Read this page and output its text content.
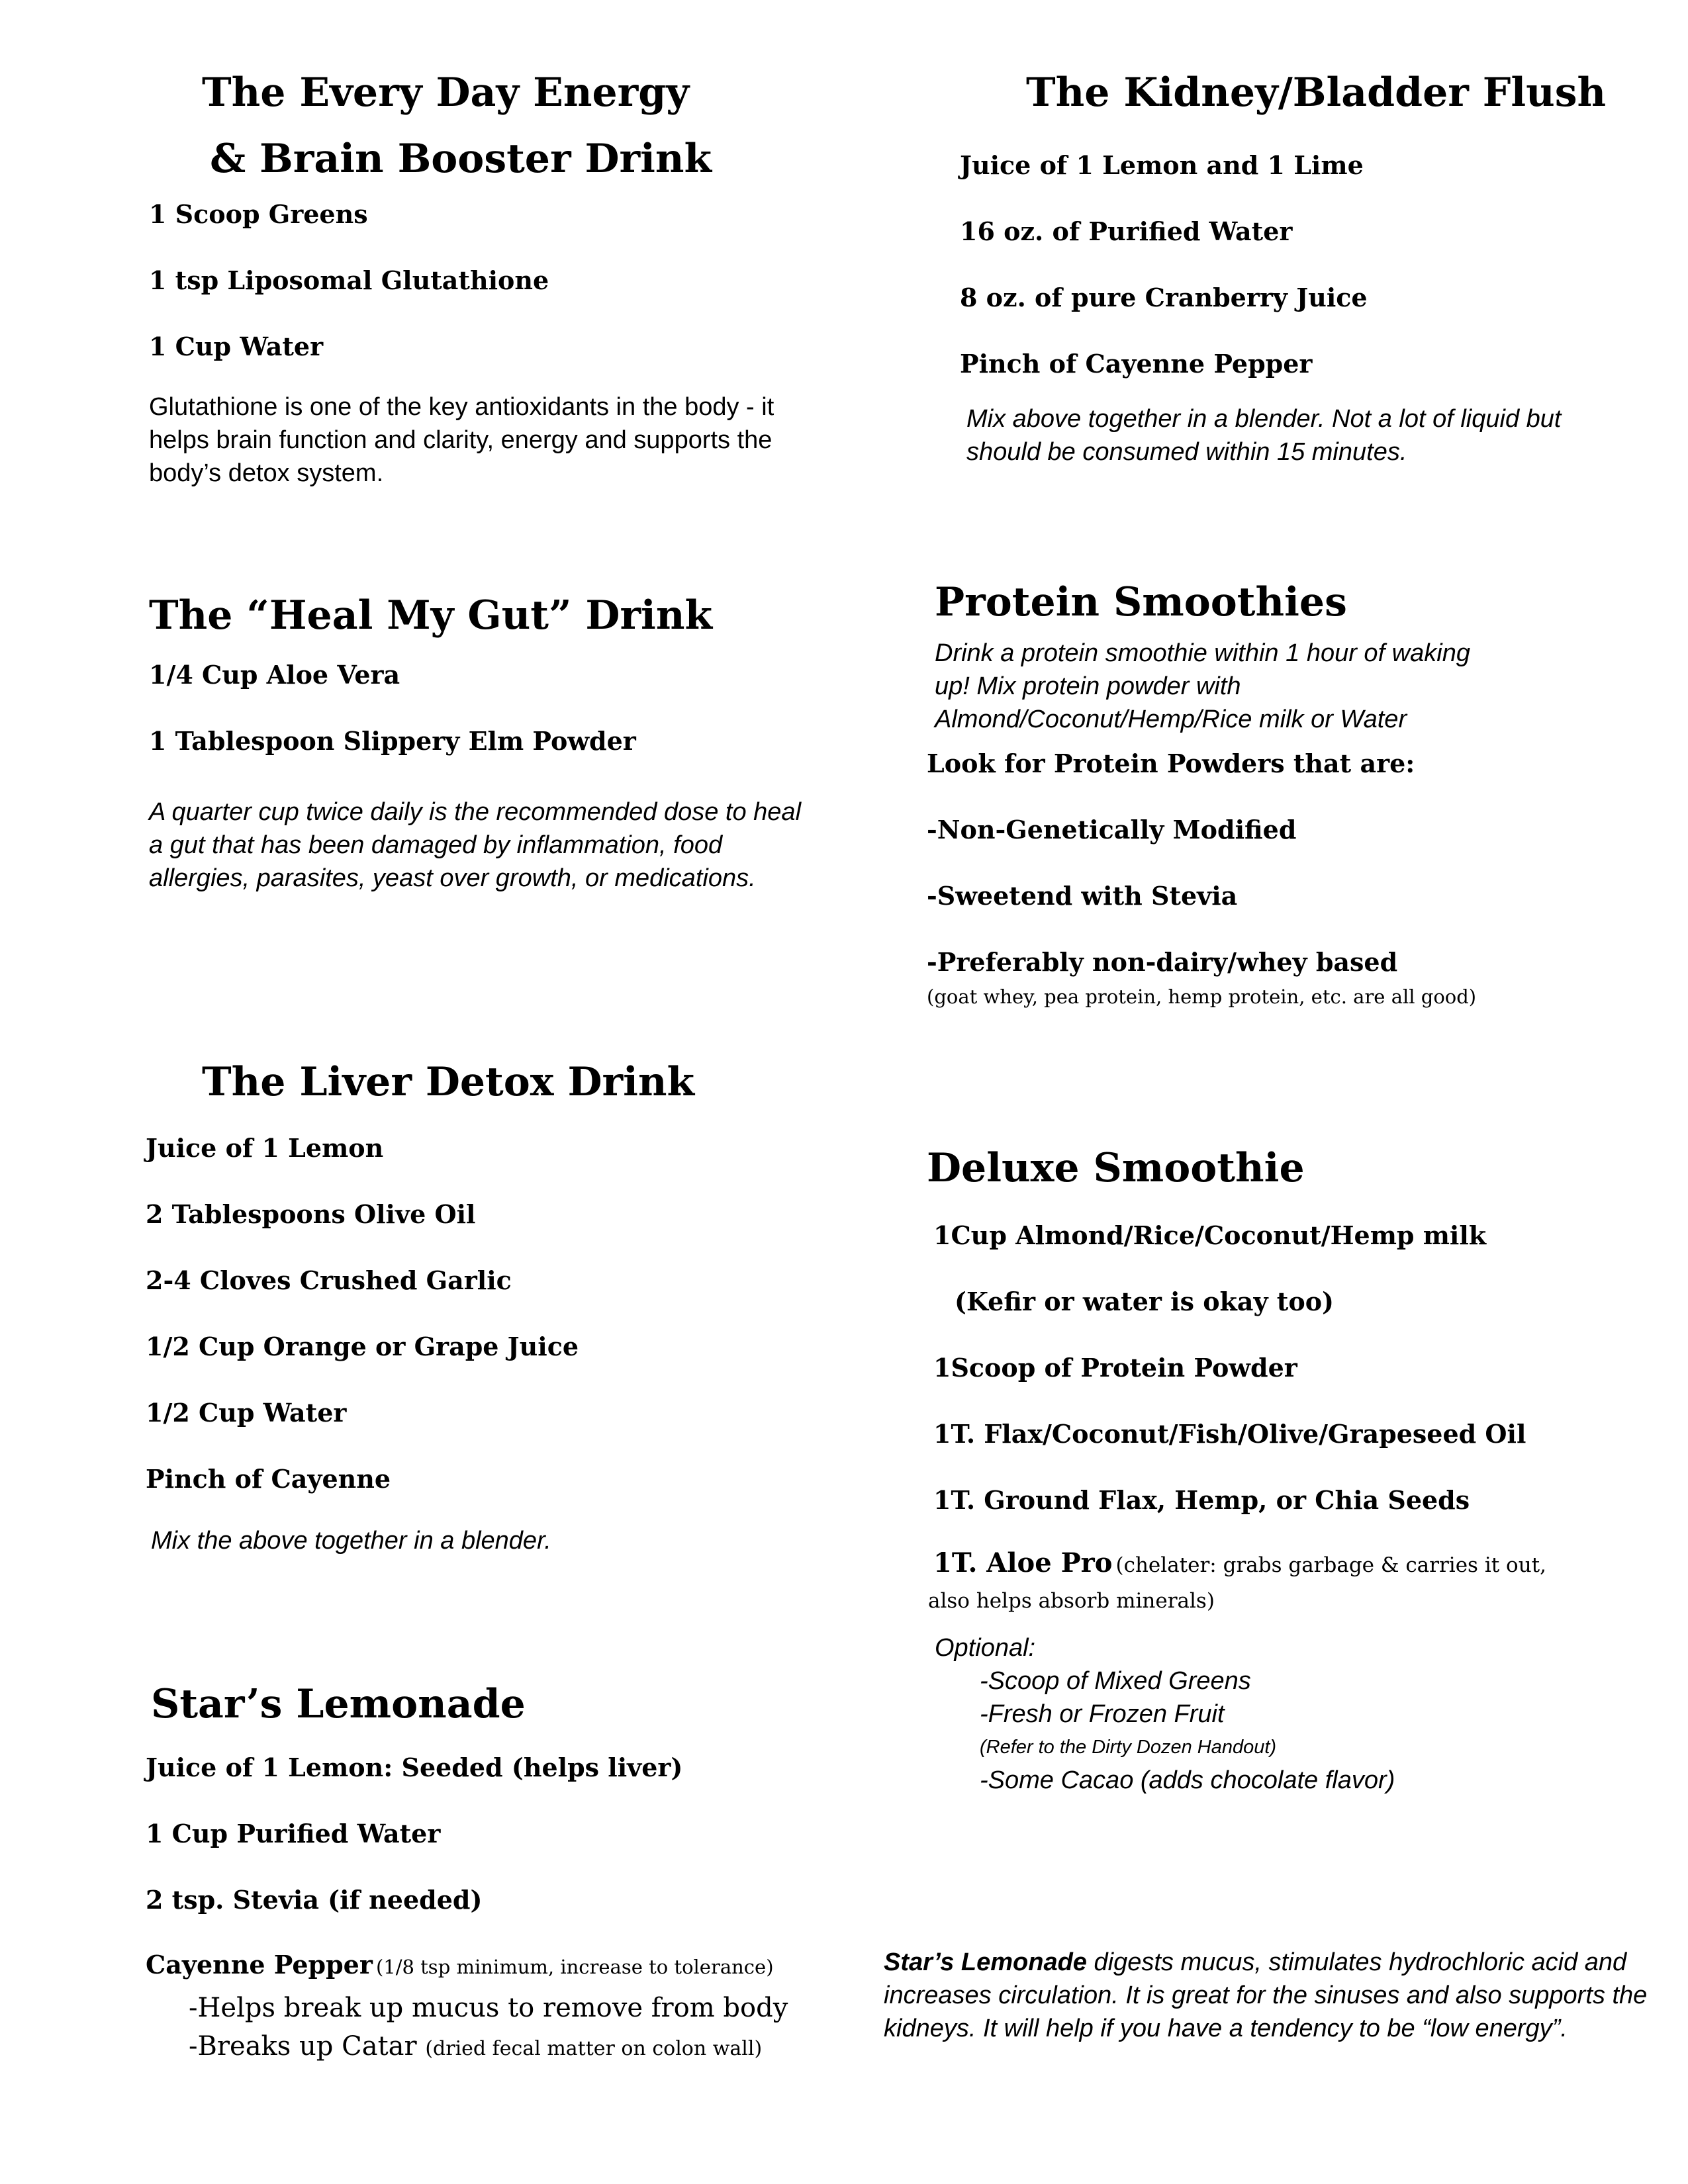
The Every Day Energy
& Brain Booster Drink
1 Scoop Greens
1 tsp Liposomal Glutathione
1 Cup Water
Glutathione is one of the key antioxidants in the body - it helps brain function and clarity, energy and supports the body’s detox system.
The Kidney/Bladder Flush
Juice of 1 Lemon and 1 Lime
16 oz. of Purified Water
8 oz. of pure Cranberry Juice
Pinch of Cayenne Pepper
Mix above together in a blender. Not a lot of liquid but should be consumed within 15 minutes.
The “Heal My Gut” Drink
1/4 Cup Aloe Vera
1 Tablespoon Slippery Elm Powder
A quarter cup twice daily is the recommended dose to heal a gut that has been damaged by inflammation, food allergies, parasites, yeast over growth, or medications.
Protein Smoothies
Drink a protein smoothie within 1 hour of waking up! Mix protein powder with Almond/Coconut/Hemp/Rice milk or Water
Look for Protein Powders that are:
-Non-Genetically Modified
-Sweetend with Stevia
-Preferably non-dairy/whey based
(goat whey, pea protein, hemp protein, etc. are all good)
The Liver Detox Drink
Juice of 1 Lemon
2 Tablespoons Olive Oil
2-4 Cloves Crushed Garlic
1/2 Cup Orange or Grape Juice
1/2 Cup Water
Pinch of Cayenne
Mix the above together in a blender.
Deluxe Smoothie
1Cup Almond/Rice/Coconut/Hemp milk
(Kefir or water is okay too)
1Scoop of Protein Powder
1T. Flax/Coconut/Fish/Olive/Grapeseed Oil
1T. Ground Flax, Hemp, or Chia Seeds
1T. Aloe Pro (chelater: grabs garbage & carries it out,
also helps absorb minerals)
Optional:
-Scoop of Mixed Greens
-Fresh or Frozen Fruit
(Refer to the Dirty Dozen Handout)
-Some Cacao (adds chocolate flavor)
Star’s Lemonade
Juice of 1 Lemon: Seeded (helps liver)
1 Cup Purified Water
2 tsp. Stevia (if needed)
Cayenne Pepper (1/8 tsp minimum, increase to tolerance)
-Helps break up mucus to remove from body
-Breaks up Catar (dried fecal matter on colon wall)
Star’s Lemonade digests mucus, stimulates hydrochloric acid and increases circulation. It is great for the sinuses and also supports the kidneys. It will help if you have a tendency to be “low energy”.
